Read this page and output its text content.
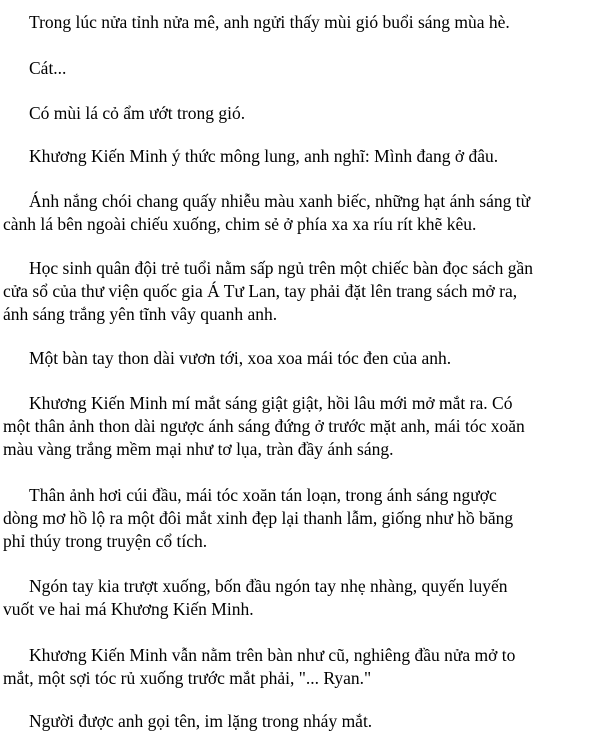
Trong lúc nửa tỉnh nửa mê, anh ngửi thấy mùi gió buổi sáng mùa hè.

Cát...

Có mùi lá cỏ ẩm ướt trong gió.

Khương Kiến Minh ý thức mông lung, anh nghĩ: Mình đang ở đâu.

Ánh nắng chói chang quấy nhiễu màu xanh biếc, những hạt ánh sáng từ
cành lá bên ngoài chiếu xuống, chim sẻ ở phía xa xa ríu rít khẽ kêu.

Học sinh quân đội trẻ tuổi nằm sấp ngủ trên một chiếc bàn đọc sách gần
cửa sổ của thư viện quốc gia Á Tư Lan, tay phải đặt lên trang sách mở ra,
ánh sáng trắng yên tĩnh vây quanh anh.

Một bàn tay thon dài vươn tới, xoa xoa mái tóc đen của anh.

Khương Kiến Minh mí mắt sáng giật giật, hồi lâu mới mở mắt ra. Có
một thân ảnh thon dài ngược ánh sáng đứng ở trước mặt anh, mái tóc xoăn
màu vàng trắng mềm mại như tơ lụa, tràn đầy ánh sáng.

Thân ảnh hơi cúi đầu, mái tóc xoăn tán loạn, trong ánh sáng ngược
dòng mơ hồ lộ ra một đôi mắt xinh đẹp lại thanh lẫm, giống như hồ băng
phỉ thúy trong truyện cổ tích.

Ngón tay kia trượt xuống, bốn đầu ngón tay nhẹ nhàng, quyến luyến
vuốt ve hai má Khương Kiến Minh.

Khương Kiến Minh vẫn nằm trên bàn như cũ, nghiêng đầu nửa mở to
mắt, một sợi tóc rủ xuống trước mắt phải, "... Ryan."

Người được anh gọi tên, im lặng trong nháy mắt.
